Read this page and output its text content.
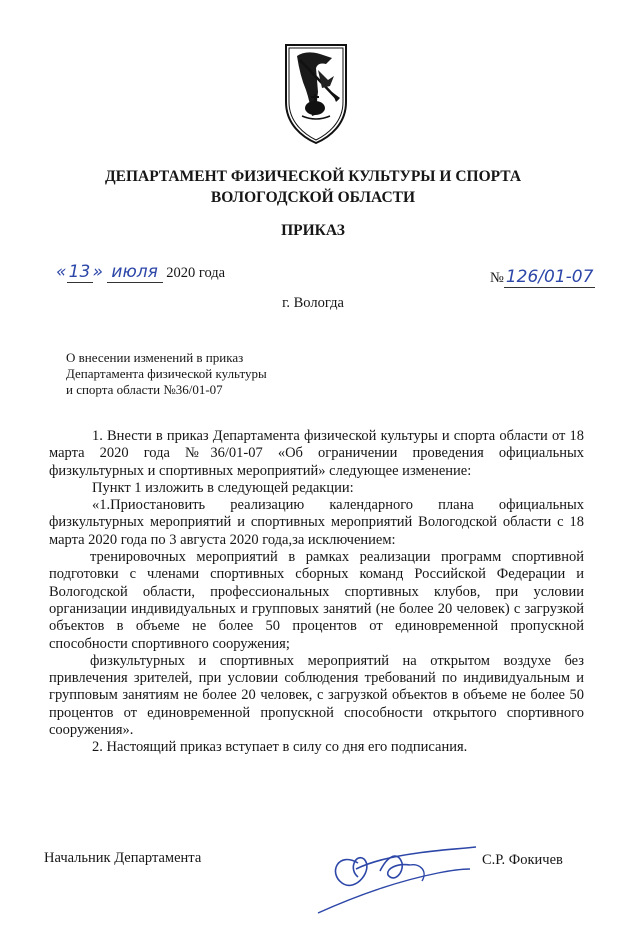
ДЕПАРТАМЕНТ ФИЗИЧЕСКОЙ КУЛЬТУРЫ И СПОРТА
ВОЛОГОДСКОЙ ОБЛАСТИ
ПРИКАЗ
« 13 » июля 2020 года	№ 126/01-07
г. Вологда
О внесении изменений в приказ
Департамента физической культуры
и спорта области №36/01-07

1. Внести в приказ Департамента физической культуры и спорта области от 18 марта 2020 года №36/01-07 «Об ограничении проведения официальных физкультурных и спортивных мероприятий» следующее изменение:

Пункт 1 изложить в следующей редакции:

«1.Приостановить реализацию календарного плана официальных физкультурных мероприятий и спортивных мероприятий Вологодской области с 18 марта 2020 года по 3 августа 2020 года,за исключением:

тренировочных мероприятий в рамках реализации программ спортивной подготовки с членами спортивных сборных команд Российской Федерации и Вологодской области, профессиональных спортивных клубов, при условии организации индивидуальных и групповых занятий (не более 20 человек) с загрузкой объектов в объеме не более 50 процентов от единовременной пропускной способности спортивного сооружения;

физкультурных и спортивных мероприятий на открытом воздухе без привлечения зрителей, при условии соблюдения требований по индивидуальным и групповым занятиям не более 20 человек, с загрузкой объектов в объеме не более 50 процентов от единовременной пропускной способности открытого спортивного сооружения».

2. Настоящий приказ вступает в силу со дня его подписания.

Начальник Департамента	С.Р. Фокичев
